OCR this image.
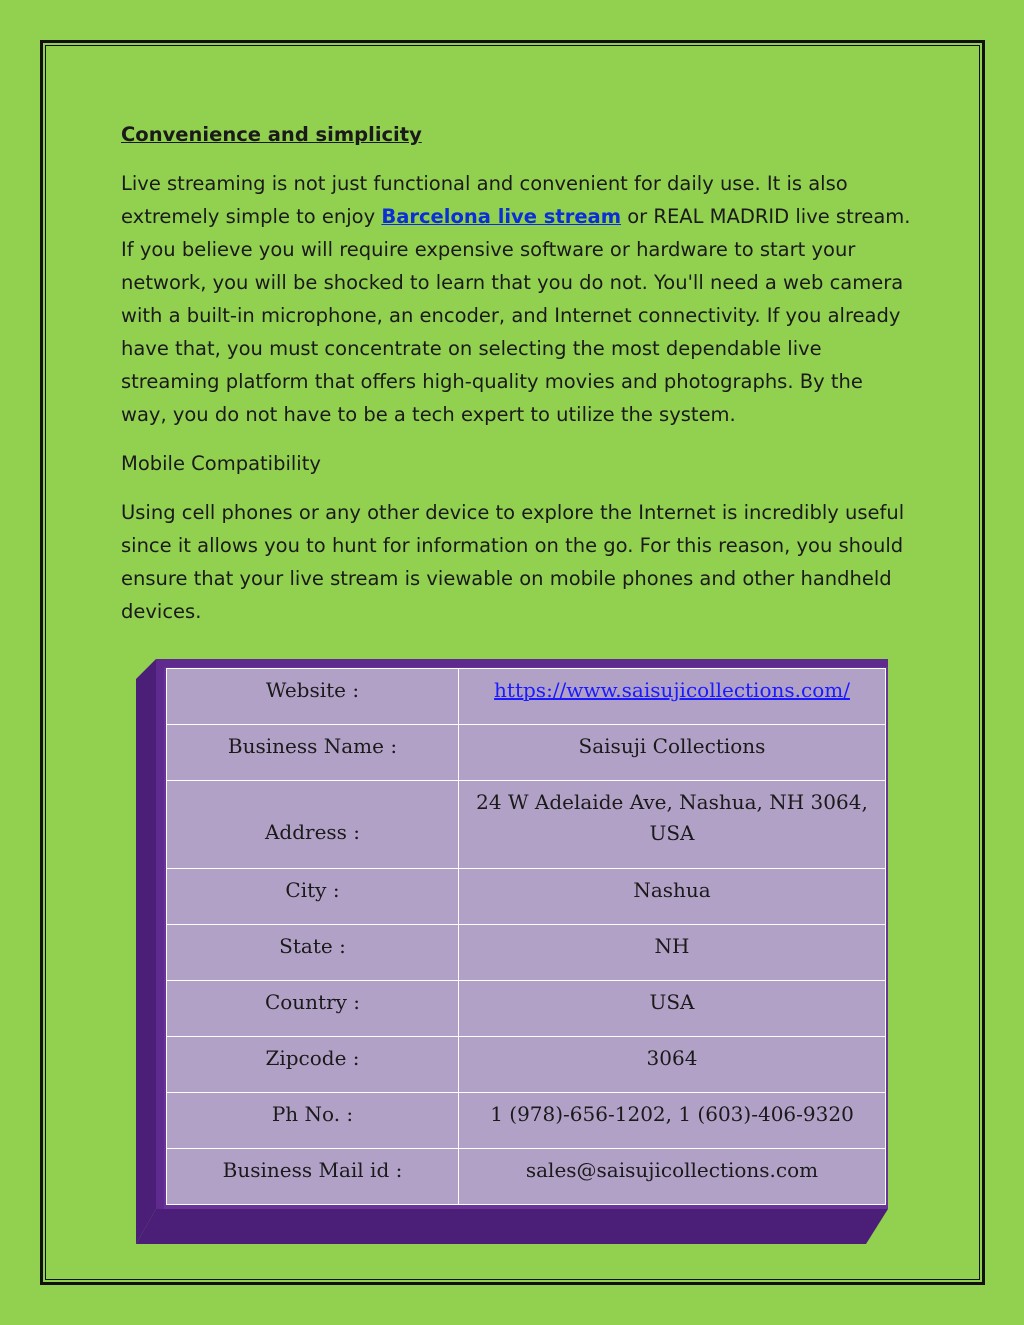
Convenience and simplicity

Live streaming is not just functional and convenient for daily use. It is also extremely simple to enjoy Barcelona live stream or REAL MADRID live stream. If you believe you will require expensive software or hardware to start your network, you will be shocked to learn that you do not. You'll need a web camera with a built-in microphone, an encoder, and Internet connectivity. If you already have that, you must concentrate on selecting the most dependable live streaming platform that offers high-quality movies and photographs. By the way, you do not have to be a tech expert to utilize the system.

Mobile Compatibility

Using cell phones or any other device to explore the Internet is incredibly useful since it allows you to hunt for information on the go. For this reason, you should ensure that your live stream is viewable on mobile phones and other handheld devices.

Website :	https://www.saisujicollections.com/
Business Name :	Saisuji Collections
Address :	24 W Adelaide Ave, Nashua, NH 3064, USA
City :	Nashua
State :	NH
Country :	USA
Zipcode :	3064
Ph No. :	1 (978)-656-1202, 1 (603)-406-9320
Business Mail id :	sales@saisujicollections.com
